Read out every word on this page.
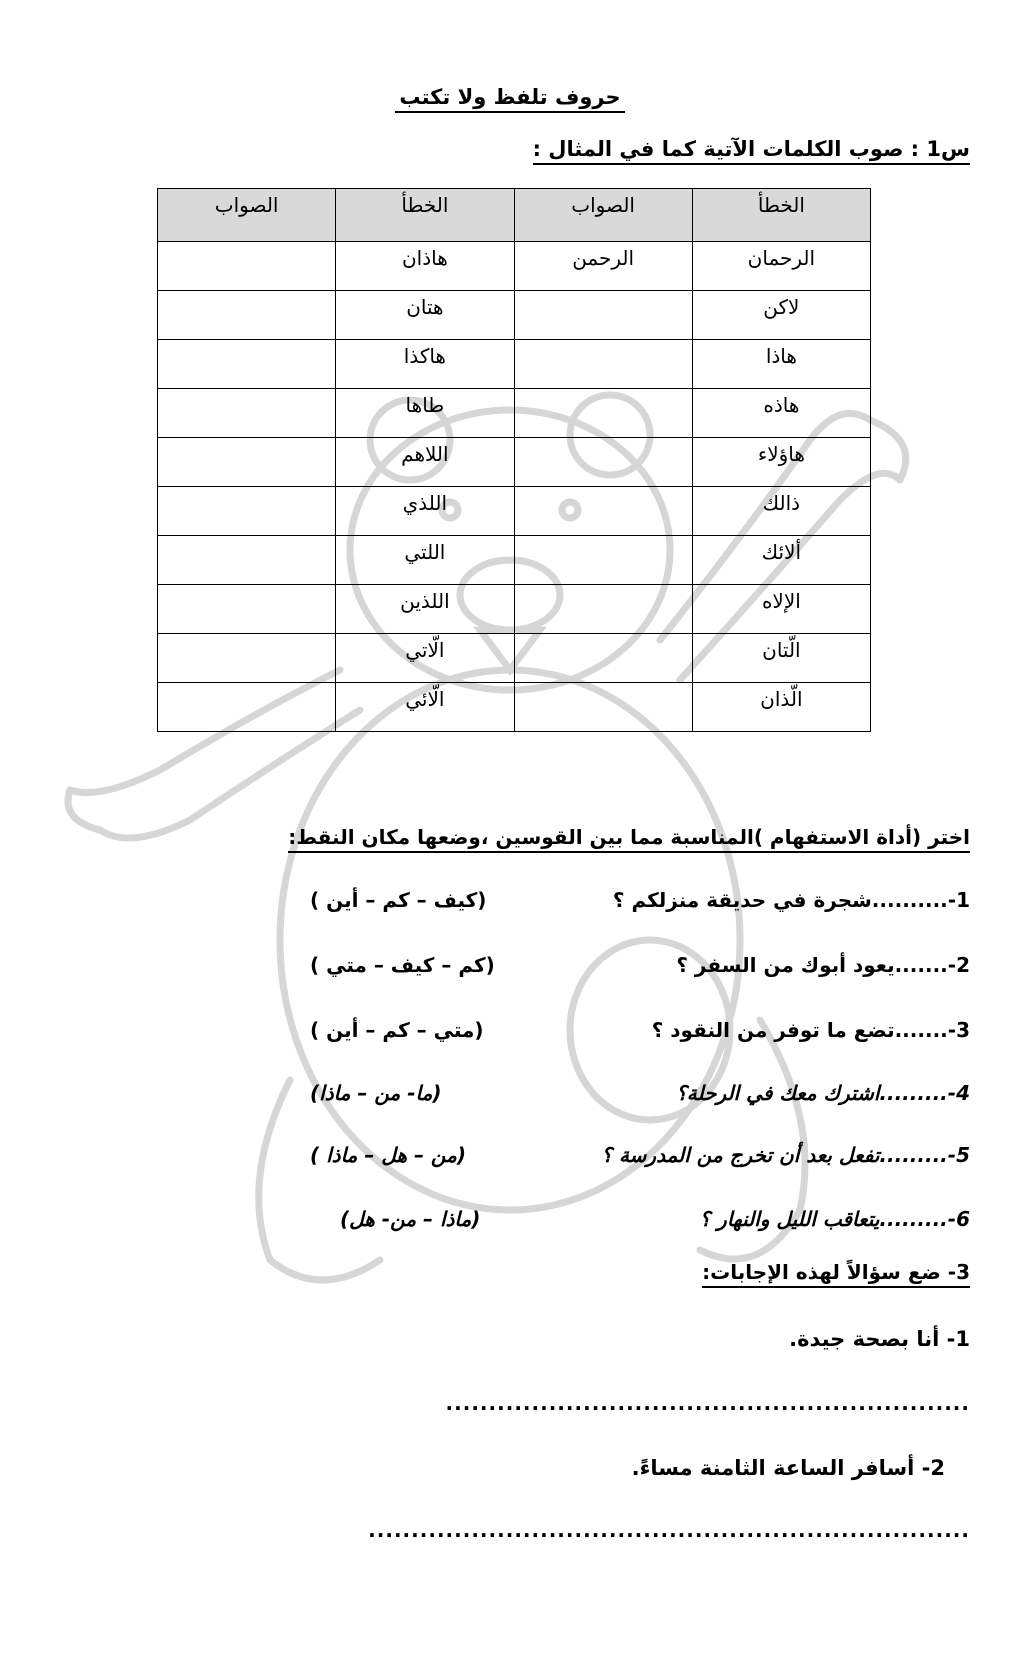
حروف تلفظ ولا تكتب
س1 : صوب الكلمات الآتية كما في المثال :
الخطأ	الصواب	الخطأ	الصواب
الرحمان	الرحمن	هاذان	
لاكن		هتان	
هاذا		هاكذا	
هاذه		طاها	
هاؤلاء		اللاهم	
ذالك		اللذي	
ألائك		اللتي	
الإلاه		اللذين	
الّتان		الّاتي	
الّذان		الّائي	
اختر (أداة الاستفهام )المناسبة مما بين القوسين ،وضعها مكان النقط:
1-..........شجرة في حديقة منزلكم ؟
(كيف – كم – أين )
2-.......يعود أبوك من السفر ؟
(كم – كيف – متي )
3-.......تضع ما توفر من النقود ؟
(متي – كم – أين )
4-.........اشترك معك في الرحلة؟
(ما- من – ماذا)
5-.........تفعل بعد أن تخرج من المدرسة ؟
(من – هل – ماذا )
6-.........يتعاقب الليل والنهار ؟
(ماذا – من- هل)
3- ضع سؤالاً لهذه الإجابات:
1- أنا بصحة جيدة.
.............................................................
2- أسافر الساعة الثامنة مساءً.
......................................................................
